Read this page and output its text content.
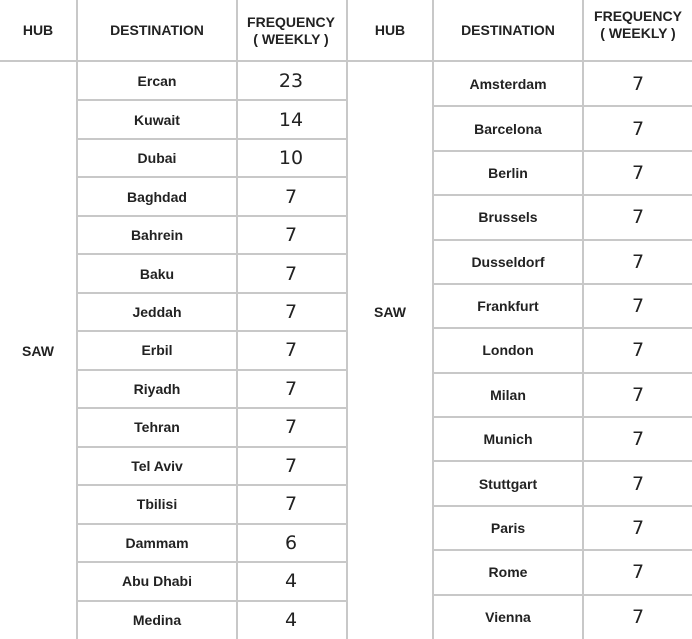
HUB	DESTINATION
FREQUENCY
( WEEKLY )
SAW
Ercan	23
Kuwait	14
Dubai	10
Baghdad	7
Bahrein	7
Baku	7
Jeddah	7
Erbil	7
Riyadh	7
Tehran	7
Tel Aviv	7
Tbilisi	7
Dammam	6
Abu Dhabi	4
Medina	4
HUB	DESTINATION
FREQUENCY
( WEEKLY )
SAW
Amsterdam	7
Barcelona	7
Berlin	7
Brussels	7
Dusseldorf	7
Frankfurt	7
London	7
Milan	7
Munich	7
Stuttgart	7
Paris	7
Rome	7
Vienna	7
